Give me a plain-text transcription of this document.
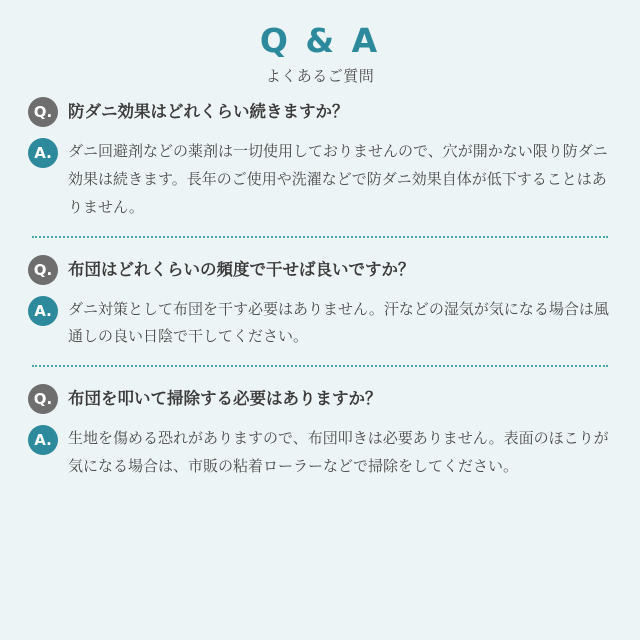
Q & A
よくあるご質問
Q. 防ダニ効果はどれくらい続きますか？
A.	ダニ回避剤などの薬剤は一切使用しておりませんので、穴が開かない限り防ダニ効果は続きます。長年のご使用や洗濯などで防ダニ効果自体が低下することはありません。
Q. 布団はどれくらいの頻度で干せば良いですか？
A.	ダニ対策として布団を干す必要はありません。汗などの湿気が気になる場合は風通しの良い日陰で干してください。
Q. 布団を叩いて掃除する必要はありますか？
A.	生地を傷める恐れがありますので、布団叩きは必要ありません。表面のほこりが気になる場合は、市販の粘着ローラーなどで掃除をしてください。
